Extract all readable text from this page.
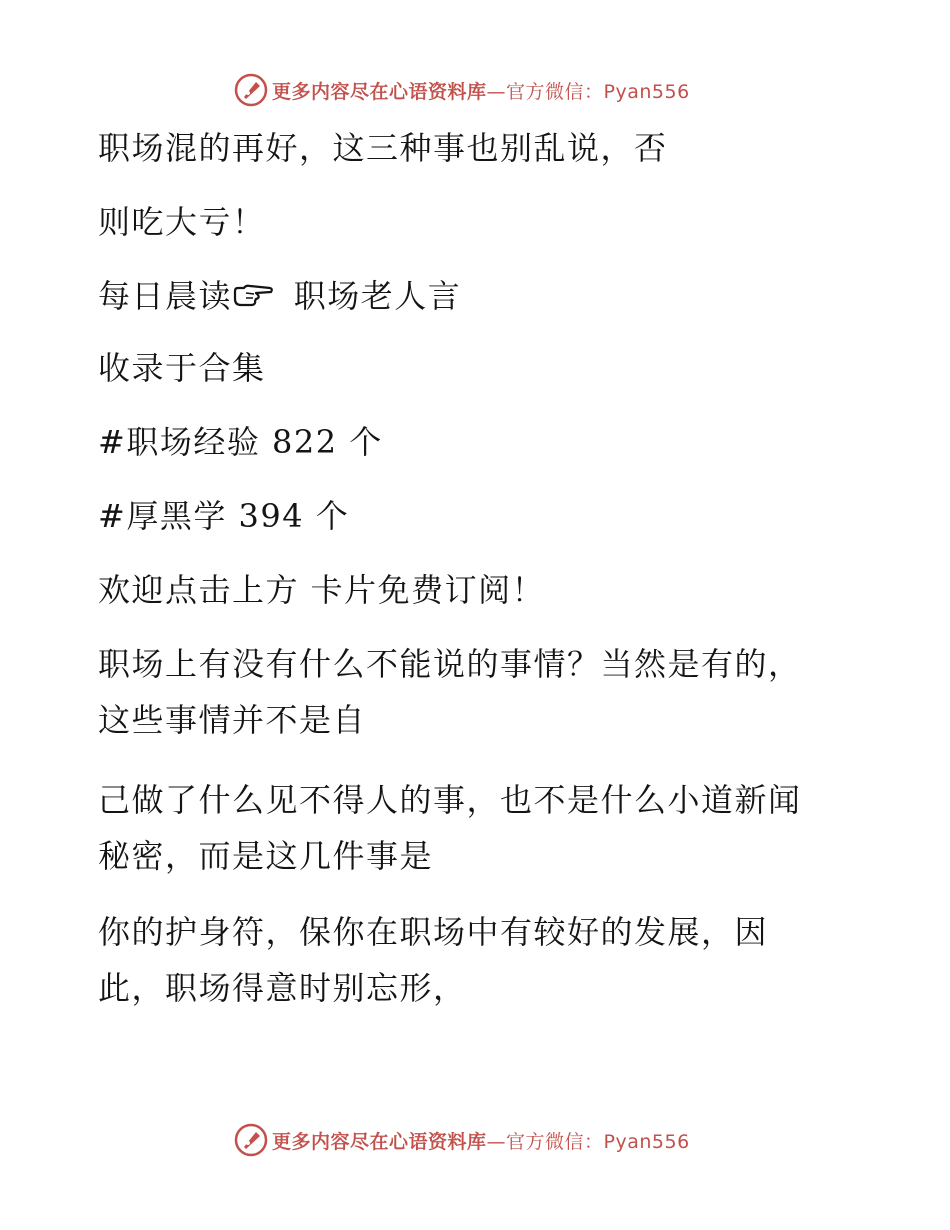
更多内容尽在心语资料库 —官方微信：Pyan556

职场混的再好，这三种事也别乱说，否

则吃大亏！

每日晨读 职场老人言

收录于合集

#职场经验 822 个

#厚黑学 394 个

欢迎点击上方 卡片免费订阅！

职场上有没有什么不能说的事情？当然是有的，

这些事情并不是自

己做了什么见不得人的事，也不是什么小道新闻

秘密，而是这几件事是

你的护身符，保你在职场中有较好的发展，因

此，职场得意时别忘形，

更多内容尽在心语资料库 —官方微信：Pyan556
